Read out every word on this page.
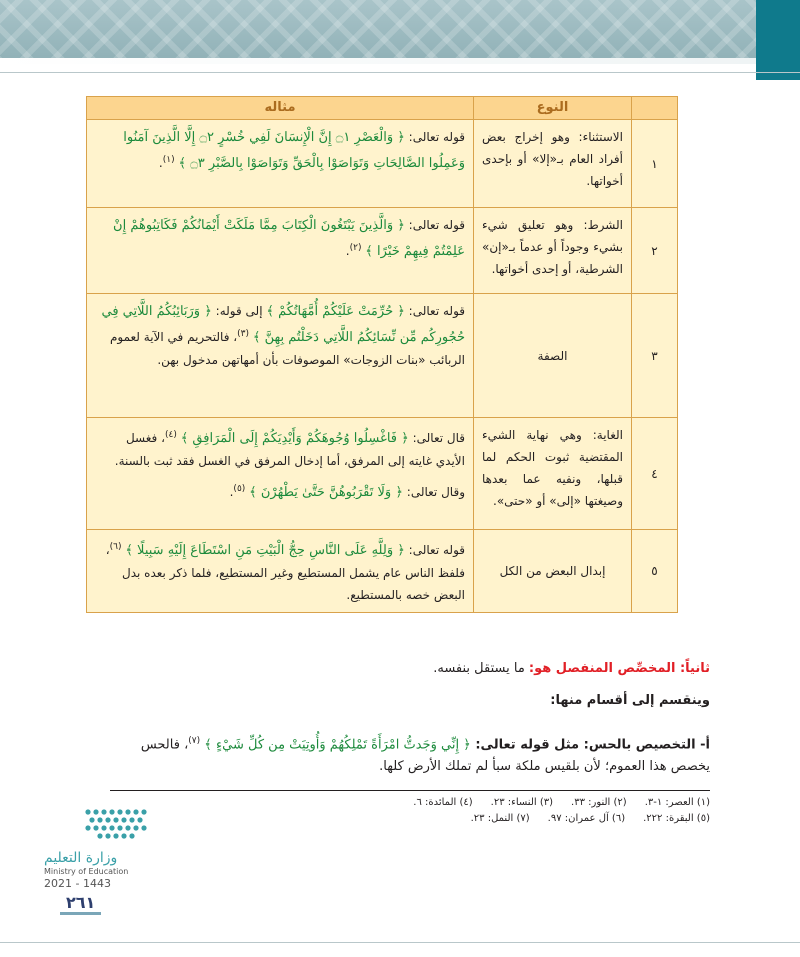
	النوع	مثاله
١	الاستثناء: وهو إخراج بعض أفراد العام بـ«إلا» أو بإحدى أخواتها.	قوله تعالى: ﴿ وَالْعَصْرِ ۝١ إِنَّ الْإِنسَانَ لَفِي خُسْرٍ ۝٢ إِلَّا الَّذِينَ آمَنُوا وَعَمِلُوا الصَّالِحَاتِ وَتَوَاصَوْا بِالْحَقِّ وَتَوَاصَوْا بِالصَّبْرِ ۝٣ ﴾ $^{(١)}$.
٢	الشرط: وهو تعليق شيء بشيء وجوداً أو عدماً بـ«إن» الشرطية، أو إحدى أخواتها.	قوله تعالى: ﴿ وَالَّذِينَ يَبْتَغُونَ الْكِتَابَ مِمَّا مَلَكَتْ أَيْمَانُكُمْ فَكَاتِبُوهُمْ إِنْ عَلِمْتُمْ فِيهِمْ خَيْرًا ﴾ $^{(٢)}$.
٣	الصفة	قوله تعالى: ﴿ حُرِّمَتْ عَلَيْكُمْ أُمَّهَاتُكُمْ ﴾ إلى قوله: ﴿ وَرَبَائِبُكُمُ اللَّاتِي فِي حُجُورِكُم مِّن نِّسَائِكُمُ اللَّاتِي دَخَلْتُم بِهِنَّ ﴾ $^{(٣)}$، فالتحريم في الآية لعموم الربائب «بنات الزوجات» الموصوفات بأن أمهاتهن مدخول بهن.
٤	الغاية: وهي نهاية الشيء المقتضية ثبوت الحكم لما قبلها، ونفيه عما بعدها وصيغتها «إلى» أو «حتى».	قال تعالى: ﴿ فَاغْسِلُوا وُجُوهَكُمْ وَأَيْدِيَكُمْ إِلَى الْمَرَافِقِ ﴾ $^{(٤)}$، فغسل الأيدي غايته إلى المرفق، أما إدخال المرفق في الغسل فقد ثبت بالسنة.
وقال تعالى: ﴿ وَلَا تَقْرَبُوهُنَّ حَتَّىٰ يَطْهُرْنَ ﴾ $^{(٥)}$.

٥	إبدال البعض من الكل	قوله تعالى: ﴿ وَلِلَّهِ عَلَى النَّاسِ حِجُّ الْبَيْتِ مَنِ اسْتَطَاعَ إِلَيْهِ سَبِيلًا ﴾ $^{(٦)}$، فلفظ الناس عام يشمل المستطيع وغير المستطيع، فلما ذكر بعده بدل البعض خصه بالمستطيع.
ثانياً: المخصِّص المنفصل هو: ما يستقل بنفسه.
وينقسم إلى أقسام منها:
أ- التخصيص بالحس: مثل قوله تعالى: ﴿ إِنِّي وَجَدتُّ امْرَأَةً تَمْلِكُهُمْ وَأُوتِيَتْ مِن كُلِّ شَيْءٍ ﴾ $^{(٧)}$، فالحس
يخصص هذا العموم؛ لأن بلقيس ملكة سبأ لم تملك الأرض كلها.
(١) العصر: ١-٣.
(٢) النور: ٣٣.
(٣) النساء: ٢٣.
(٤) المائدة: ٦.
(٥) البقرة: ٢٢٢.
(٦) آل عمران: ٩٧.
(٧) النمل: ٢٣.
وزارة التعليم
Ministry of Education
2021 - 1443
٢٦١
